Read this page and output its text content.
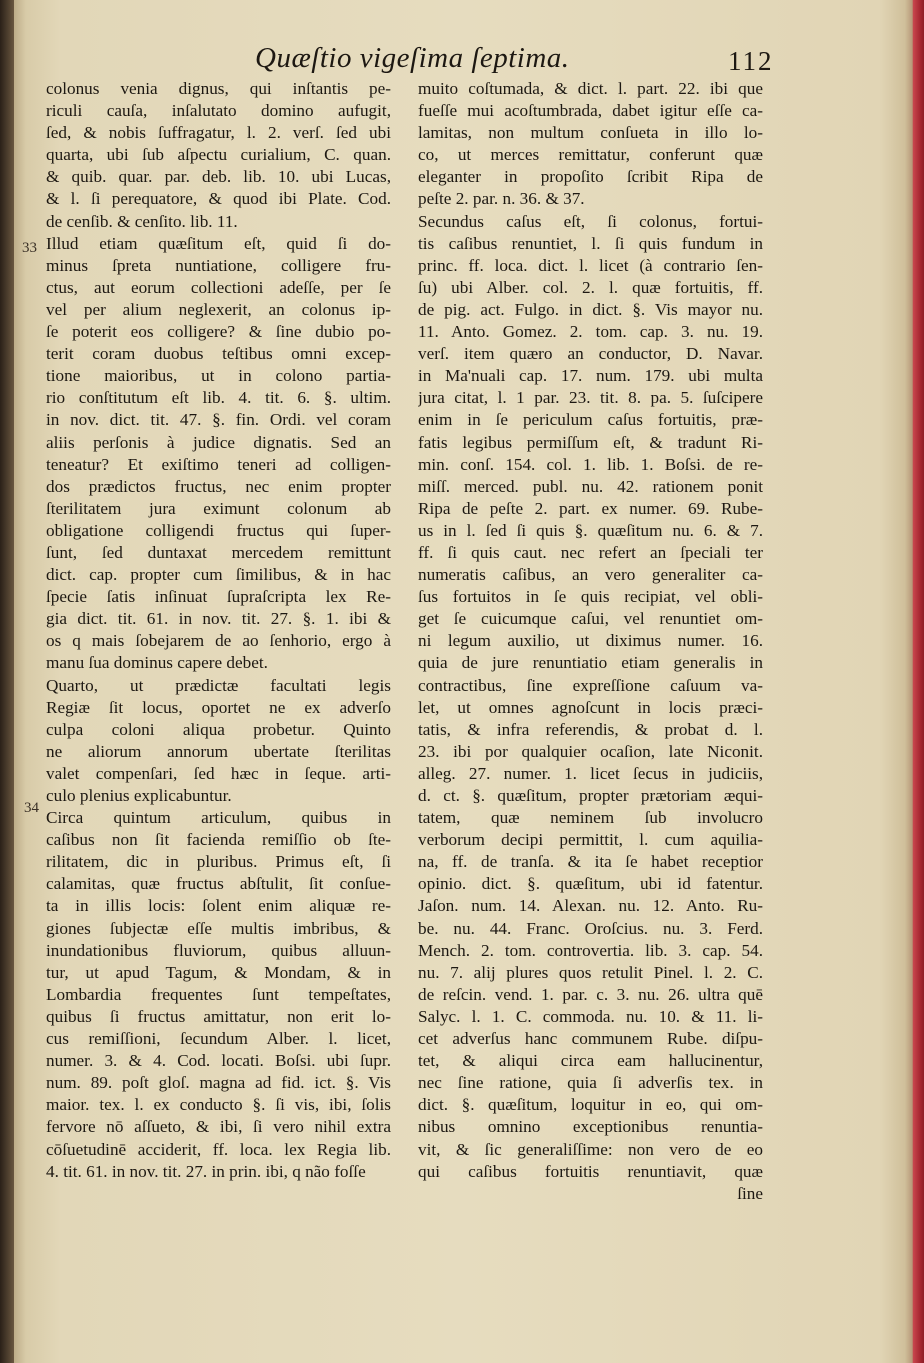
Quæſtio vigeſima ſeptima.	112
33
34
colonus venia dignus, qui inſtantis pe-
riculi cauſa, inſalutato domino aufugit,
ſed, & nobis ſuffragatur, l. 2. verſ. ſed ubi
quarta, ubi ſub aſpectu curialium, C. quan.
& quib. quar. par. deb. lib. 10. ubi Lucas,
& l. ſi perequatore, & quod ibi Plate. Cod.
de cenſib. & cenſito. lib. 11.
Illud etiam quæſitum eſt, quid ſi do-
minus ſpreta nuntiatione, colligere fru-
ctus, aut eorum collectioni adeſſe, per ſe
vel per alium neglexerit, an colonus ip-
ſe poterit eos colligere? & ſine dubio po-
terit coram duobus teſtibus omni excep-
tione maioribus, ut in colono partia-
rio conſtitutum eſt lib. 4. tit. 6. §. ultim.
in nov. dict. tit. 47. §. fin. Ordi. vel coram
aliis perſonis à judice dignatis. Sed an
teneatur? Et exiſtimo teneri ad colligen-
dos prædictos fructus, nec enim propter
ſterilitatem jura eximunt colonum ab
obligatione colligendi fructus qui ſuper-
ſunt, ſed duntaxat mercedem remittunt
dict. cap. propter cum ſimilibus, & in hac
ſpecie ſatis inſinuat ſupraſcripta lex Re-
gia dict. tit. 61. in nov. tit. 27. §. 1. ibi &
os q mais ſobejarem de ao ſenhorio, ergo à
manu ſua dominus capere debet.
Quarto, ut prædictæ facultati legis
Regiæ ſit locus, oportet ne ex adverſo
culpa coloni aliqua probetur. Quinto
ne aliorum annorum ubertate ſterilitas
valet compenſari, ſed hæc in ſeque. arti-
culo plenius explicabuntur.
Circa quintum articulum, quibus in
caſibus non ſit facienda remiſſio ob ſte-
rilitatem, dic in pluribus. Primus eſt, ſi
calamitas, quæ fructus abſtulit, ſit conſue-
ta in illis locis: ſolent enim aliquæ re-
giones ſubjectæ eſſe multis imbribus, &
inundationibus fluviorum, quibus alluun-
tur, ut apud Tagum, & Mondam, & in
Lombardia frequentes ſunt tempeſtates,
quibus ſi fructus amittatur, non erit lo-
cus remiſſioni, ſecundum Alber. l. licet,
numer. 3. & 4. Cod. locati. Boſsi. ubi ſupr.
num. 89. poſt gloſ. magna ad fid. ict. §. Vis
maior. tex. l. ex conducto §. ſi vis, ibi, ſolis
fervore nō aſſueto, & ibi, ſi vero nihil extra
cōſuetudinē acciderit, ff. loca. lex Regia lib.
4. tit. 61. in nov. tit. 27. in prin. ibi, q não foſſe
muito coſtumada, & dict. l. part. 22. ibi que
fueſſe mui acoſtumbrada, dabet igitur eſſe ca-
lamitas, non multum conſueta in illo lo-
co, ut merces remittatur, conferunt quæ
eleganter in propoſito ſcribit Ripa de
peſte 2. par. n. 36. & 37.
Secundus caſus eſt, ſi colonus, fortui-
tis caſibus renuntiet, l. ſi quis fundum in
princ. ff. loca. dict. l. licet (à contrario ſen-
ſu) ubi Alber. col. 2. l. quæ fortuitis, ff.
de pig. act. Fulgo. in dict. §. Vis mayor nu.
11. Anto. Gomez. 2. tom. cap. 3. nu. 19.
verſ. item quæro an conductor, D. Navar.
in Ma'nuali cap. 17. num. 179. ubi multa
jura citat, l. 1 par. 23. tit. 8. pa. 5. ſuſcipere
enim in ſe periculum caſus fortuitis, præ-
fatis legibus permiſſum eſt, & tradunt Ri-
min. conſ. 154. col. 1. lib. 1. Boſsi. de re-
miſſ. merced. publ. nu. 42. rationem ponit
Ripa de peſte 2. part. ex numer. 69. Rube-
us in l. ſed ſi quis §. quæſitum nu. 6. & 7.
ff. ſi quis caut. nec refert an ſpeciali ter
numeratis caſibus, an vero generaliter ca-
ſus fortuitos in ſe quis recipiat, vel obli-
get ſe cuicumque caſui, vel renuntiet om-
ni legum auxilio, ut diximus numer. 16.
quia de jure renuntiatio etiam generalis in
contractibus, ſine expreſſione caſuum va-
let, ut omnes agnoſcunt in locis præci-
tatis, & infra referendis, & probat d. l.
23. ibi por qualquier ocaſion, late Niconit.
alleg. 27. numer. 1. licet ſecus in judiciis,
d. ct. §. quæſitum, propter prætoriam æqui-
tatem, quæ neminem ſub involucro
verborum decipi permittit, l. cum aquilia-
na, ff. de tranſa. & ita ſe habet receptior
opinio. dict. §. quæſitum, ubi id fatentur.
Jaſon. num. 14. Alexan. nu. 12. Anto. Ru-
be. nu. 44. Franc. Oroſcius. nu. 3. Ferd.
Mench. 2. tom. controvertia. lib. 3. cap. 54.
nu. 7. alij plures quos retulit Pinel. l. 2. C.
de reſcin. vend. 1. par. c. 3. nu. 26. ultra quē
Salyc. l. 1. C. commoda. nu. 10. & 11. li-
cet adverſus hanc communem Rube. diſpu-
tet, & aliqui circa eam hallucinentur,
nec ſine ratione, quia ſi adverſis tex. in
dict. §. quæſitum, loquitur in eo, qui om-
nibus omnino exceptionibus renuntia-
vit, & ſic generaliſſime: non vero de eo
qui caſibus fortuitis renuntiavit, quæ
ſine
